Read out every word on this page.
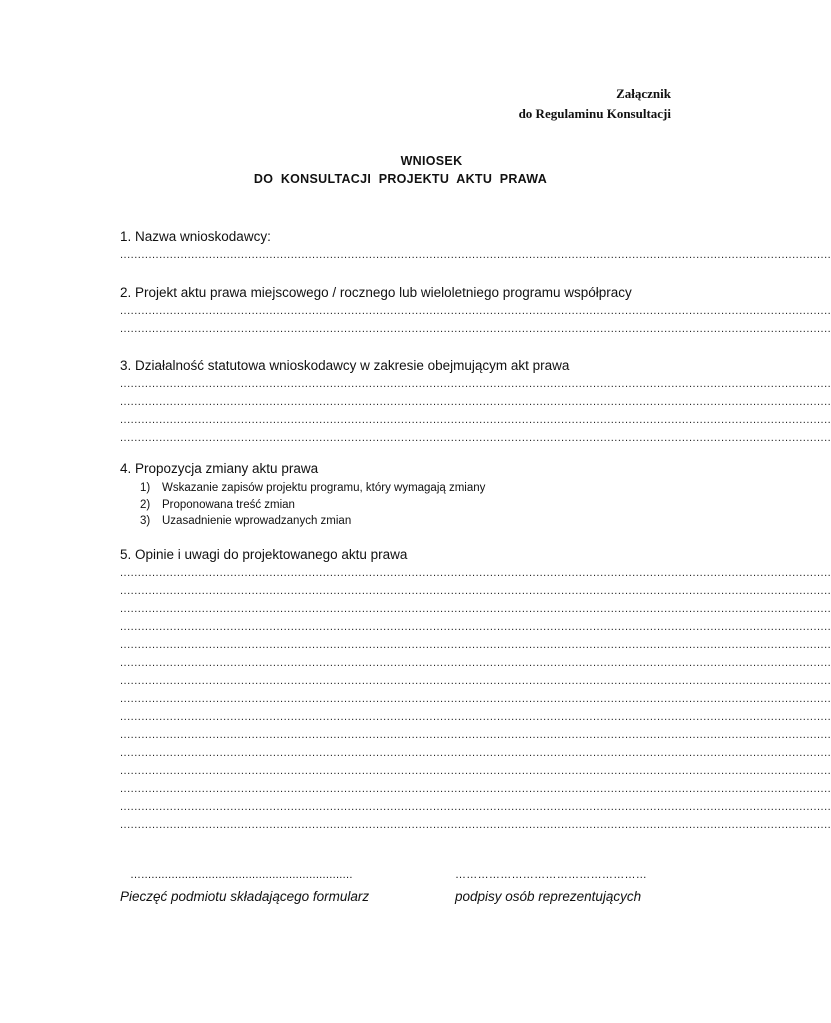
Załącznik
do Regulaminu Konsultacji
WNIOSEK
DO  KONSULTACJI  PROJEKTU  AKTU  PRAWA
1. Nazwa wnioskodawcy:
........................................................................................................................................................................................................
2. Projekt aktu prawa miejscowego / rocznego lub wieloletniego programu współpracy
........................................................................................................................................................................................................
........................................................................................................................................................................................................
3. Działalność statutowa wnioskodawcy w zakresie obejmującym akt prawa
........................................................................................................................................................................................................
........................................................................................................................................................................................................
........................................................................................................................................................................................................
........................................................................................................................................................................................................
4. Propozycja zmiany aktu prawa
1) Wskazanie zapisów projektu programu, który wymagają zmiany
2) Proponowana treść zmian
3) Uzasadnienie wprowadzanych zmian
5. Opinie i uwagi do projektowanego aktu prawa
........................................................................................................................................................................................................
........................................................................................................................................................................................................
........................................................................................................................................................................................................
........................................................................................................................................................................................................
........................................................................................................................................................................................................
........................................................................................................................................................................................................
........................................................................................................................................................................................................
........................................................................................................................................................................................................
........................................................................................................................................................................................................
........................................................................................................................................................................................................
........................................................................................................................................................................................................
........................................................................................................................................................................................................
........................................................................................................................................................................................................
........................................................................................................................................................................................................
........................................................................................................................................................................................................
…...............................................................
Pieczęć podmiotu składającego formularz
……………………………………………
podpisy osób reprezentujących
